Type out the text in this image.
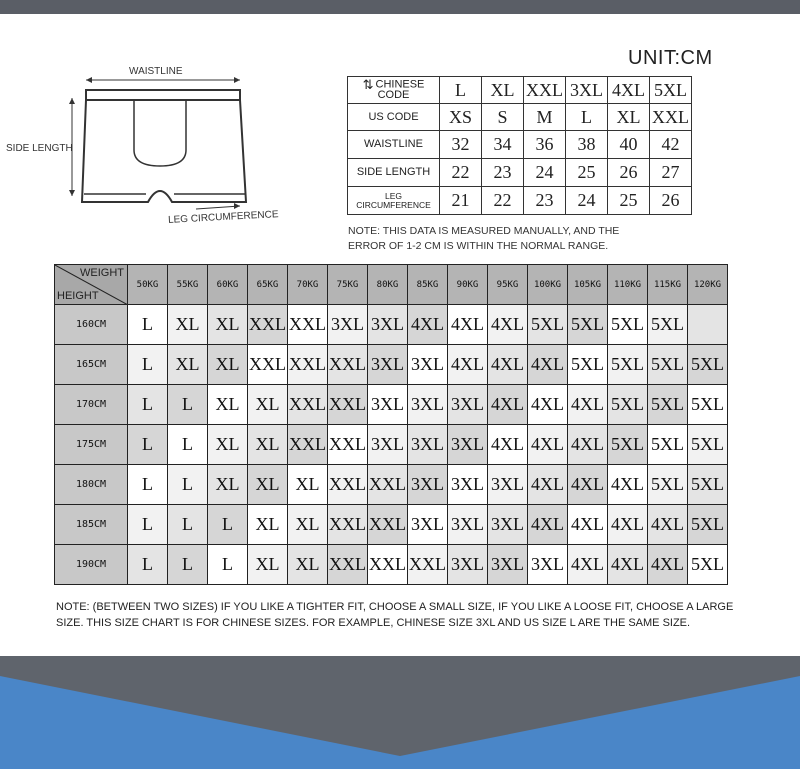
UNIT:CM
WAISTLINE
SIDE LENGTH
LEG CIRCUMFERENCE
⇅ CHINESE CODE	L	XL	XXL	3XL	4XL	5XL
US CODE	XS	S	M	L	XL	XXL
WAISTLINE	32	34	36	38	40	42
SIDE LENGTH	22	23	24	25	26	27
LEG CIRCUMFERENCE	21	22	23	24	25	26
NOTE: THIS DATA IS MEASURED MANUALLY, AND THE ERROR OF 1-2 CM IS WITHIN THE NORMAL RANGE.
WEIGHT
HEIGHT	50KG	55KG	60KG	65KG	70KG	75KG	80KG	85KG	90KG	95KG	100KG	105KG	110KG	115KG	120KG
160CM	L	XL	XL	XXL	XXL	3XL	3XL	4XL	4XL	4XL	5XL	5XL	5XL	5XL	
165CM	L	XL	XL	XXL	XXL	XXL	3XL	3XL	4XL	4XL	4XL	5XL	5XL	5XL	5XL
170CM	L	L	XL	XL	XXL	XXL	3XL	3XL	3XL	4XL	4XL	4XL	5XL	5XL	5XL
175CM	L	L	XL	XL	XXL	XXL	3XL	3XL	3XL	4XL	4XL	4XL	5XL	5XL	5XL
180CM	L	L	XL	XL	XL	XXL	XXL	3XL	3XL	3XL	4XL	4XL	4XL	5XL	5XL
185CM	L	L	L	XL	XL	XXL	XXL	3XL	3XL	3XL	4XL	4XL	4XL	4XL	5XL
190CM	L	L	L	XL	XL	XXL	XXL	XXL	3XL	3XL	3XL	4XL	4XL	4XL	5XL
NOTE: (BETWEEN TWO SIZES) IF YOU LIKE A TIGHTER FIT, CHOOSE A SMALL SIZE, IF YOU LIKE A LOOSE FIT, CHOOSE A LARGE SIZE. THIS SIZE CHART IS FOR CHINESE SIZES. FOR EXAMPLE, CHINESE SIZE 3XL AND US SIZE L ARE THE SAME SIZE.
